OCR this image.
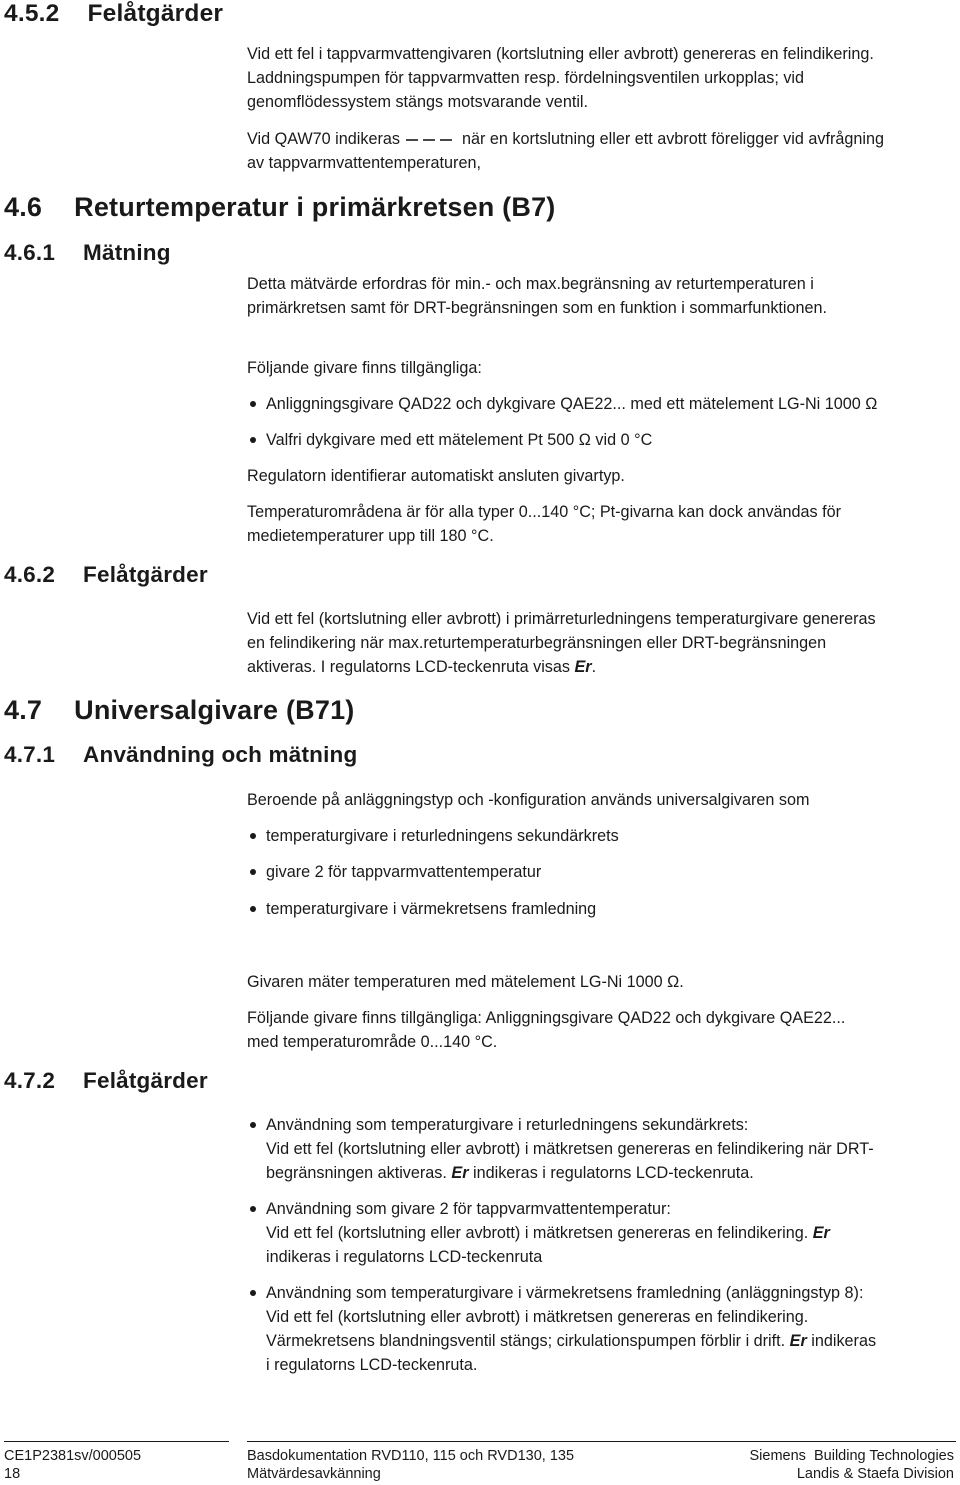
4.5.2 Felåtgärder
4.6 Returtemperatur i primärkretsen (B7)
4.6.1 Mätning
4.6.2 Felåtgärder
4.7 Universalgivare (B71)
4.7.1 Användning och mätning
4.7.2 Felåtgärder
Vid ett fel i tappvarmvattengivaren (kortslutning eller avbrott) genereras en felindikering.
Laddningspumpen för tappvarmvatten resp. fördelningsventilen urkopplas; vid
genomflödessystem stängs motsvarande ventil.
Vid QAW70 indikeras	när en kortslutning eller ett avbrott föreligger vid avfrågning
av tappvarmvattentemperaturen,
Detta mätvärde erfordras för min.- och max.begränsning av returtemperaturen i
primärkretsen samt för DRT-begränsningen som en funktion i sommarfunktionen.
Följande givare finns tillgängliga:
Anliggningsgivare QAD22 och dykgivare QAE22... med ett mätelement LG-Ni 1000 Ω
Valfri dykgivare med ett mätelement Pt 500 Ω vid 0 °C
Regulatorn identifierar automatiskt ansluten givartyp.
Temperaturområdena är för alla typer 0...140 °C; Pt-givarna kan dock användas för
medietemperaturer upp till 180 °C.
Vid ett fel (kortslutning eller avbrott) i primärreturledningens temperaturgivare genereras
en felindikering när max.returtemperaturbegränsningen eller DRT-begränsningen
aktiveras. I regulatorns LCD-teckenruta visas Er.
Beroende på anläggningstyp och -konfiguration används universalgivaren som
temperaturgivare i returledningens sekundärkrets
givare 2 för tappvarmvattentemperatur
temperaturgivare i värmekretsens framledning
Givaren mäter temperaturen med mätelement LG-Ni 1000 Ω.
Följande givare finns tillgängliga: Anliggningsgivare QAD22 och dykgivare QAE22...
med temperaturområde 0...140 °C.
Användning som temperaturgivare i returledningens sekundärkrets:
Vid ett fel (kortslutning eller avbrott) i mätkretsen genereras en felindikering när DRT-
begränsningen aktiveras. Er indikeras i regulatorns LCD-teckenruta.
Användning som givare 2 för tappvarmvattentemperatur:
Vid ett fel (kortslutning eller avbrott) i mätkretsen genereras en felindikering. Er
indikeras i regulatorns LCD-teckenruta
Användning som temperaturgivare i värmekretsens framledning (anläggningstyp 8):
Vid ett fel (kortslutning eller avbrott) i mätkretsen genereras en felindikering.
Värmekretsens blandningsventil stängs; cirkulationspumpen förblir i drift. Er indikeras
i regulatorns LCD-teckenruta.
CE1P2381sv/000505
18
Basdokumentation RVD110, 115 och RVD130, 135
Mätvärdesavkänning
Siemens  Building Technologies
Landis & Staefa Division
